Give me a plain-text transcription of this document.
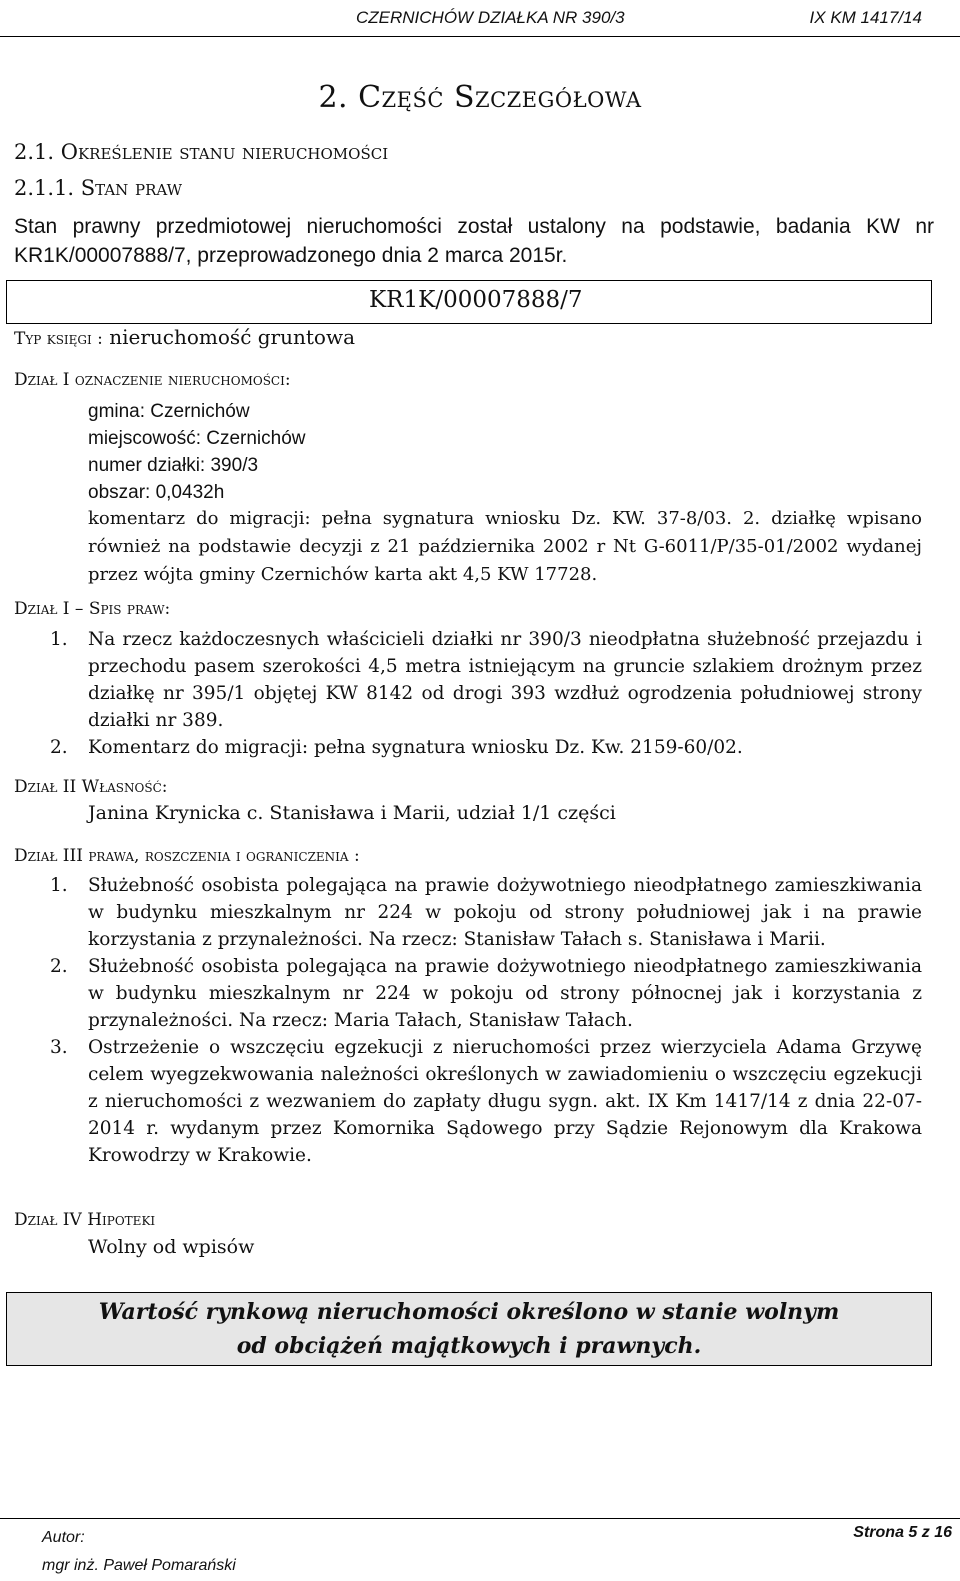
CZERNICHÓW DZIAŁKA NR 390/3	IX KM 1417/14
2. Część Szczegółowa
2.1. Określenie stanu nieruchomości
2.1.1. Stan praw
Stan prawny przedmiotowej nieruchomości został ustalony na podstawie, badania KW nr KR1K/00007888/7, przeprowadzonego dnia 2 marca 2015r.
KR1K/00007888/7
Typ księgi : nieruchomość gruntowa
Dział I oznaczenie nieruchomości:
gmina: Czernichów
miejscowość: Czernichów
numer działki: 390/3
obszar: 0,0432h
komentarz do migracji: pełna sygnatura wniosku Dz. KW. 37-8/03. 2. działkę wpisano również na podstawie decyzji z 21 października 2002 r Nt G-6011/P/35-01/2002 wydanej przez wójta gminy Czernichów karta akt 4,5 KW 17728.
Dział I – Spis praw:
1. Na rzecz każdoczesnych właścicieli działki nr 390/3 nieodpłatna służebność przejazdu i przechodu pasem szerokości 4,5 metra istniejącym na gruncie szlakiem drożnym przez działkę nr 395/1 objętej KW 8142 od drogi 393 wzdłuż ogrodzenia południowej strony działki nr 389.
2. Komentarz do migracji: pełna sygnatura wniosku Dz. Kw. 2159-60/02.
Dział II Własność:
Janina Krynicka c. Stanisława i Marii, udział 1/1 części
Dział III prawa, roszczenia i ograniczenia :
1. Służebność osobista polegająca na prawie dożywotniego nieodpłatnego zamieszkiwania w budynku mieszkalnym nr 224 w pokoju od strony południowej jak i na prawie korzystania z przynależności. Na rzecz: Stanisław Tałach s. Stanisława i Marii.
2. Służebność osobista polegająca na prawie dożywotniego nieodpłatnego zamieszkiwania w budynku mieszkalnym nr 224 w pokoju od strony północnej jak i korzystania z przynależności. Na rzecz: Maria Tałach, Stanisław Tałach.
3. Ostrzeżenie o wszczęciu egzekucji z nieruchomości przez wierzyciela Adama Grzywę celem wyegzekwowania należności określonych w zawiadomieniu o wszczęciu egzekucji z nieruchomości z wezwaniem do zapłaty długu sygn. akt. IX Km 1417/14 z dnia 22-07-2014 r. wydanym przez Komornika Sądowego przy Sądzie Rejonowym dla Krakowa Krowodrzy w Krakowie.
Dział IV Hipoteki
Wolny od wpisów
Wartość rynkową nieruchomości określono w stanie wolnym
od obciążeń majątkowych i prawnych.
Autor:
mgr inż. Paweł Pomarański
Strona 5 z 16
